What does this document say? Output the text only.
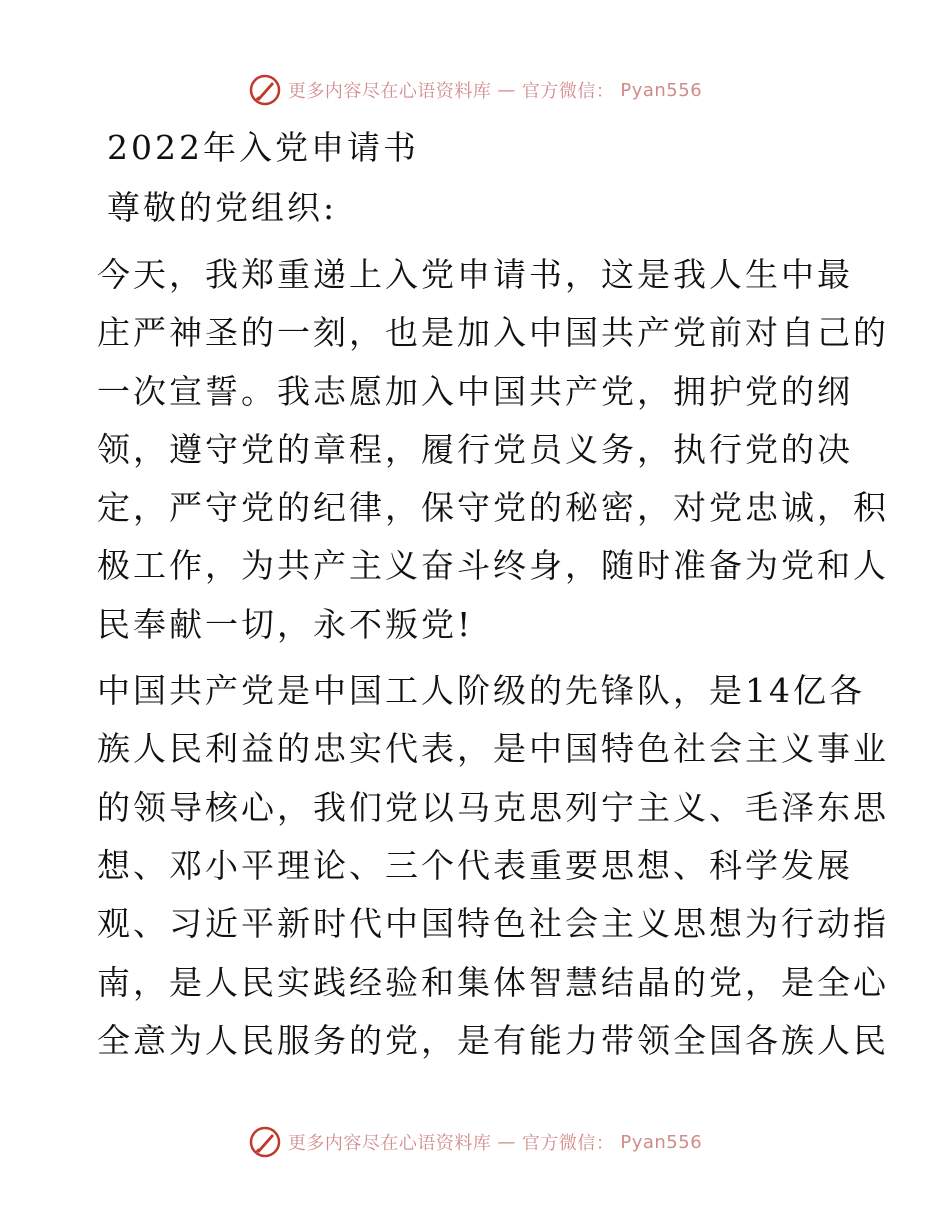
更多内容尽在心语资料库 — 官方微信： Pyan556
2022年入党申请书
尊敬的党组织:
今天，我郑重递上入党申请书，这是我人生中最
庄严神圣的一刻，也是加入中国共产党前对自己的
一次宣誓。我志愿加入中国共产党，拥护党的纲
领，遵守党的章程，履行党员义务，执行党的决
定，严守党的纪律，保守党的秘密，对党忠诚，积
极工作，为共产主义奋斗终身，随时准备为党和人
民奉献一切，永不叛党!
中国共产党是中国工人阶级的先锋队，是14亿各
族人民利益的忠实代表，是中国特色社会主义事业
的领导核心，我们党以马克思列宁主义、毛泽东思
想、邓小平理论、三个代表重要思想、科学发展
观、习近平新时代中国特色社会主义思想为行动指
南，是人民实践经验和集体智慧结晶的党，是全心
全意为人民服务的党，是有能力带领全国各族人民
更多内容尽在心语资料库 — 官方微信： Pyan556
